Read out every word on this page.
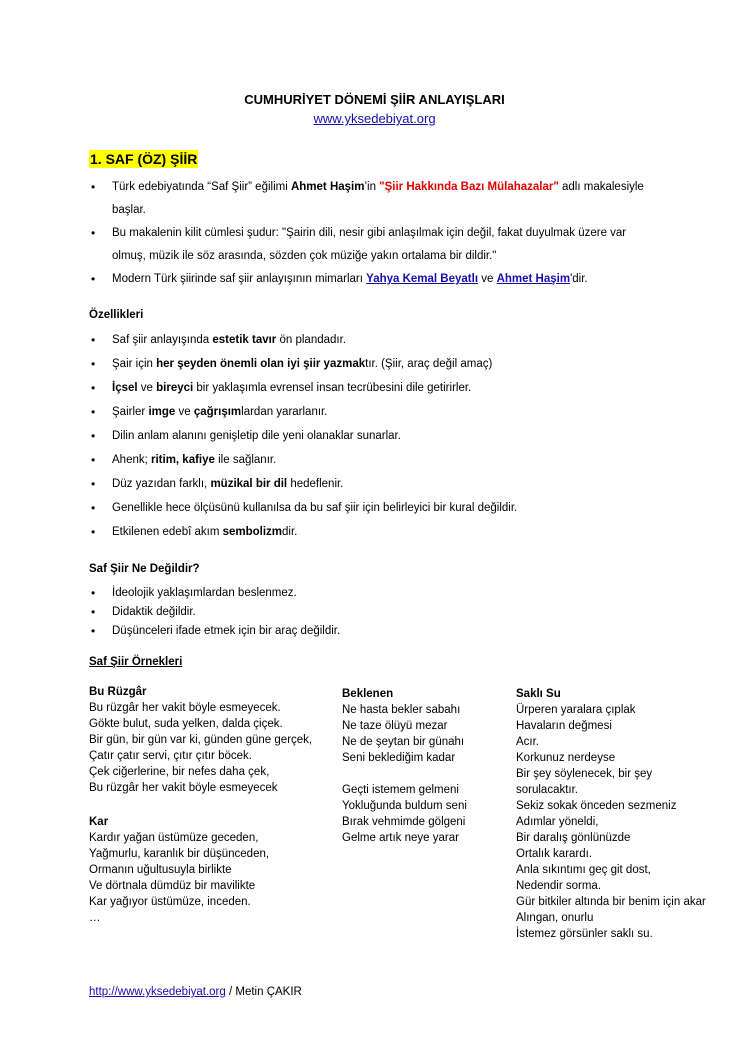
CUMHURİYET DÖNEMİ ŞİİR ANLAYIŞLARI
www.yksedebiyat.org
1. SAF (ÖZ) ŞİİR
• Türk edebiyatında “Saf Şiir” eğilimi Ahmet Haşim’in "Şiir Hakkında Bazı Mülahazalar" adlı makalesiyle başlar.
• Bu makalenin kilit cümlesi şudur: "Şairin dili, nesir gibi anlaşılmak için değil, fakat duyulmak üzere var olmuş, müzik ile söz arasında, sözden çok müziğe yakın ortalama bir dildir."
• Modern Türk şiirinde saf şiir anlayışının mimarları Yahya Kemal Beyatlı ve Ahmet Haşim'dir.
Özellikleri
• Saf şiir anlayışında estetik tavır ön plandadır.
• Şair için her şeyden önemli olan iyi şiir yazmaktır. (Şiir, araç değil amaç)
• İçsel ve bireyci bir yaklaşımla evrensel insan tecrübesini dile getirirler.
• Şairler imge ve çağrışımlardan yararlanır.
• Dilin anlam alanını genişletip dile yeni olanaklar sunarlar.
• Ahenk; ritim, kafiye ile sağlanır.
• Düz yazıdan farklı, müzikal bir dil hedeflenir.
• Genellikle hece ölçüsünü kullanılsa da bu saf şiir için belirleyici bir kural değildir.
• Etkilenen edebî akım sembolizmdir.
Saf Şiir Ne Değildir?
• İdeolojik yaklaşımlardan beslenmez.
• Didaktik değildir.
• Düşünceleri ifade etmek için bir araç değildir.
Saf Şiir Örnekleri
Bu Rüzgâr
Bu rüzgâr her vakit böyle esmeyecek.
Gökte bulut, suda yelken, dalda çiçek.
Bir gün, bir gün var ki, günden güne gerçek,
Çatır çatır servi, çıtır çıtır böcek.
Çek ciğerlerine, bir nefes daha çek,
Bu rüzgâr her vakit böyle esmeyecek
Kar
Kardır yağan üstümüze geceden,
Yağmurlu, karanlık bir düşünceden,
Ormanın uğultusuyla birlikte
Ve dörtnala dümdüz bir mavilikte
Kar yağıyor üstümüze, inceden.
…
Beklenen
Ne hasta bekler sabahı
Ne taze ölüyü mezar
Ne de şeytan bir günahı
Seni beklediğim kadar
Geçti istemem gelmeni
Yokluğunda buldum seni
Bırak vehmimde gölgeni
Gelme artık neye yarar
Saklı Su
Ürperen yaralara çıplak
Havaların değmesi
Acır.
Korkunuz nerdeyse
Bir şey söylenecek, bir şey
sorulacaktır.
Sekiz sokak önceden sezmeniz
Adımlar yöneldi,
Bir daralış gönlünüzde
Ortalık karardı.
Anla sıkıntımı geç git dost,
Nedendir sorma.
Gür bitkiler altında bir benim için akar
Alıngan, onurlu
İstemez görsünler saklı su.
http://www.yksedebiyat.org / Metin ÇAKIR
